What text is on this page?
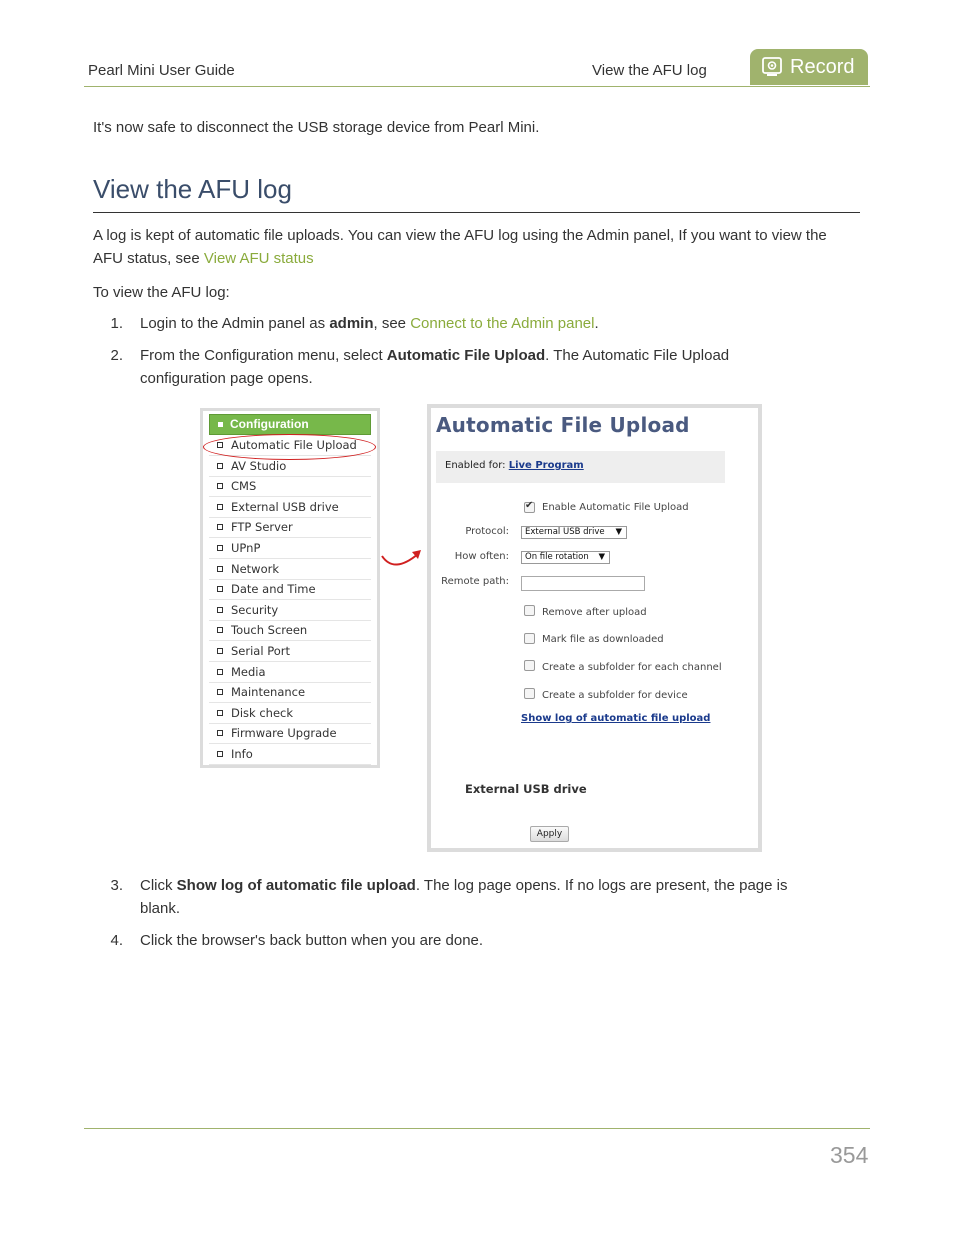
Pearl Mini User Guide	View the AFU log	Record

It's now safe to disconnect the USB storage device from Pearl Mini.

View the AFU log

A log is kept of automatic file uploads. You can view the AFU log using the Admin panel, If you want to view the AFU status, see View AFU status

To view the AFU log:

1. Login to the Admin panel as admin, see Connect to the Admin panel.
2. From the Configuration menu, select Automatic File Upload. The Automatic File Upload configuration page opens.
Configuration
Automatic File Upload
AV Studio
CMS
External USB drive
FTP Server
UPnP
Network
Date and Time
Security
Touch Screen
Serial Port
Media
Maintenance
Disk check
Firmware Upgrade
Info
Automatic File Upload
Enabled for: Live Program
✔
Enable Automatic File Upload
Protocol:	External USB drive ▼
How often:	On file rotation ▼
Remote path:
Remove after upload
Mark file as downloaded
Create a subfolder for each channel
Create a subfolder for device
Show log of automatic file upload
External USB drive
Apply
3. Click Show log of automatic file upload. The log page opens. If no logs are present, the page is blank.
4. Click the browser's back button when you are done.
354
